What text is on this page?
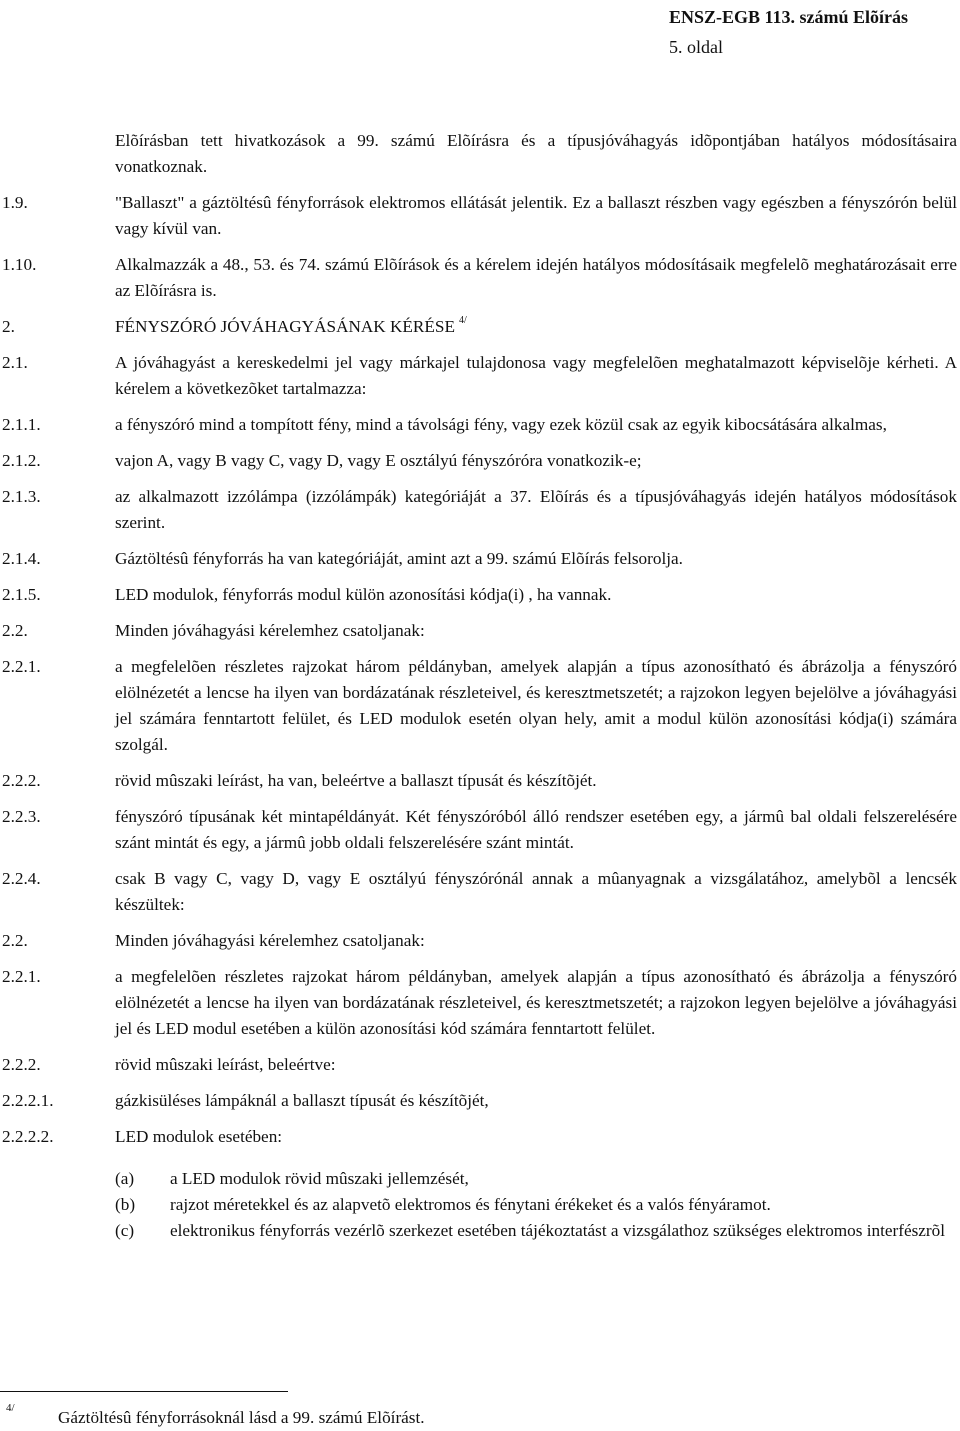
ENSZ-EGB 113. számú Elõírás
5. oldal
Elõírásban tett hivatkozások a 99. számú Elõírásra és a típusjóváhagyás idõpontjában hatályos módosításaira vonatkoznak.
1.9.	"Ballaszt" a gáztöltésû fényforrások elektromos ellátását jelentik. Ez a ballaszt részben vagy egészben a fényszórón belül vagy kívül van.
1.10.	Alkalmazzák a 48., 53. és 74. számú Elõírások és a kérelem idején hatályos módosításaik megfelelõ meghatározásait erre az Elõírásra is.
2.	FÉNYSZÓRÓ JÓVÁHAGYÁSÁNAK KÉRÉSE $^{4/}$
2.1.	A jóváhagyást a kereskedelmi jel vagy márkajel tulajdonosa vagy megfelelõen meghatalmazott képviselõje kérheti. A kérelem a következõket tartalmazza:
2.1.1.	a fényszóró mind a tompított fény, mind a távolsági fény, vagy ezek közül csak az egyik kibocsátására alkalmas,
2.1.2.	vajon A, vagy B vagy C, vagy D, vagy E osztályú fényszóróra vonatkozik-e;
2.1.3.	az alkalmazott izzólámpa (izzólámpák) kategóriáját a 37. Elõírás és a típusjóváhagyás idején hatályos módosítások szerint.
2.1.4.	Gáztöltésû fényforrás ha van kategóriáját, amint azt a 99. számú Elõírás felsorolja.
2.1.5.	LED modulok, fényforrás modul külön azonosítási kódja(i) , ha vannak.
2.2.	Minden jóváhagyási kérelemhez csatoljanak:
2.2.1.	a megfelelõen részletes rajzokat három példányban, amelyek alapján a típus azonosítható és ábrázolja a fényszóró elölnézetét a lencse ha ilyen van bordázatának részleteivel, és keresztmetszetét; a rajzokon legyen bejelölve a jóváhagyási jel számára fenntartott felület, és LED modulok esetén olyan hely, amit a modul külön azonosítási kódja(i) számára szolgál.
2.2.2.	rövid mûszaki leírást, ha van, beleértve a ballaszt típusát és készítõjét.
2.2.3.	fényszóró típusának két mintapéldányát. Két fényszóróból álló rendszer esetében egy, a jármû bal oldali felszerelésére szánt mintát és egy, a jármû jobb oldali felszerelésére szánt mintát.
2.2.4.	csak B vagy C, vagy D, vagy E osztályú fényszórónál annak a mûanyagnak a vizsgálatához, amelybõl a lencsék készültek:
2.2.	Minden jóváhagyási kérelemhez csatoljanak:
2.2.1.	a megfelelõen részletes rajzokat három példányban, amelyek alapján a típus azonosítható és ábrázolja a fényszóró elölnézetét a lencse ha ilyen van bordázatának részleteivel, és keresztmetszetét; a rajzokon legyen bejelölve a jóváhagyási jel és LED modul esetében a külön azonosítási kód számára fenntartott felület.
2.2.2.	rövid mûszaki leírást, beleértve:
2.2.2.1.	gázkisüléses lámpáknál a ballaszt típusát és készítõjét,
2.2.2.2.	LED modulok esetében:
(a) a LED modulok rövid mûszaki jellemzését,
(b) rajzot méretekkel és az alapvetõ elektromos és fénytani érékeket és a valós fényáramot.
(c) elektronikus fényforrás vezérlõ szerkezet esetében tájékoztatást a vizsgálathoz szükséges elektromos interfészrõl
4/	Gáztöltésû fényforrásoknál lásd a 99. számú Elõírást.
